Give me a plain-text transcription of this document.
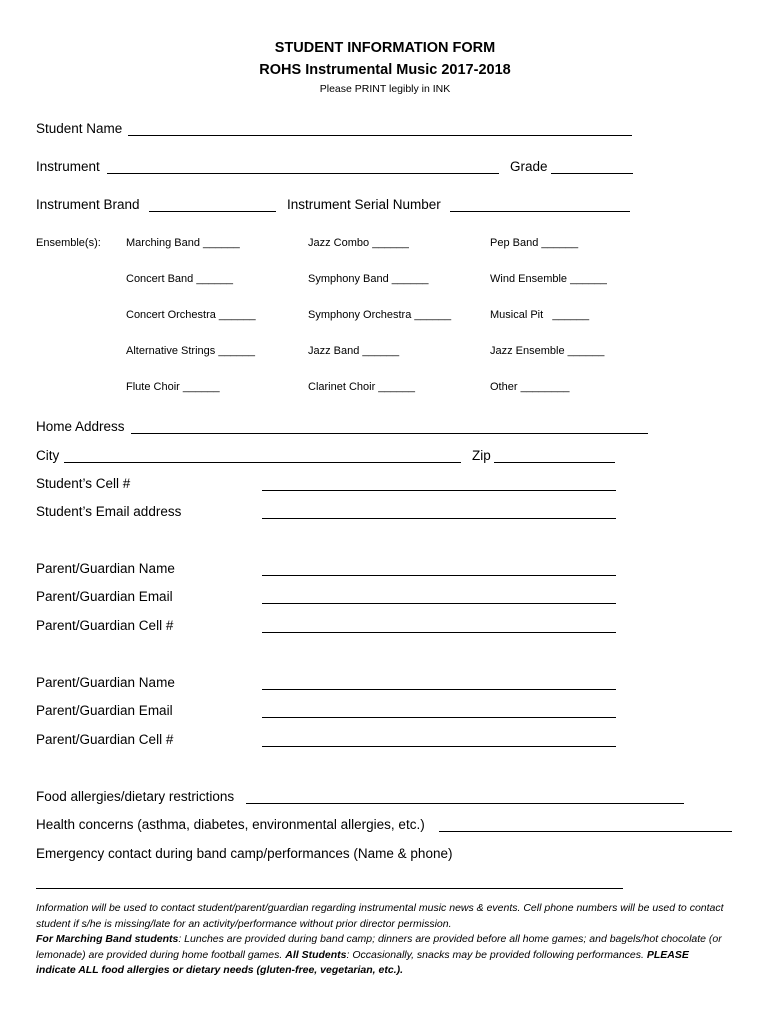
STUDENT INFORMATION FORM
ROHS Instrumental Music 2017-2018
Please PRINT legibly in INK
Student Name
Instrument	Grade
Instrument Brand	Instrument Serial Number
Ensemble(s): Marching Band ______	Jazz Combo ______	Pep Band ______
Concert Band ______	Symphony Band ______	Wind Ensemble ______
Concert Orchestra ______	Symphony Orchestra ______	Musical Pit   ______
Alternative Strings ______	Jazz Band ______	Jazz Ensemble ______
Flute Choir ______	Clarinet Choir ______	Other ________
Home Address
City	Zip
Student’s Cell #
Student’s Email address
Parent/Guardian Name
Parent/Guardian Email
Parent/Guardian Cell #
Parent/Guardian Name
Parent/Guardian Email
Parent/Guardian Cell #
Food allergies/dietary restrictions
Health concerns (asthma, diabetes, environmental allergies, etc.)
Emergency contact during band camp/performances (Name & phone)
Information will be used to contact student/parent/guardian regarding instrumental music news & events. Cell phone numbers will be used to contact student if s/he is missing/late for an activity/performance without prior director permission.
For Marching Band students: Lunches are provided during band camp; dinners are provided before all home games; and bagels/hot chocolate (or lemonade) are provided during home football games. All Students: Occasionally, snacks may be provided following performances. PLEASE indicate ALL food allergies or dietary needs (gluten-free, vegetarian, etc.).
